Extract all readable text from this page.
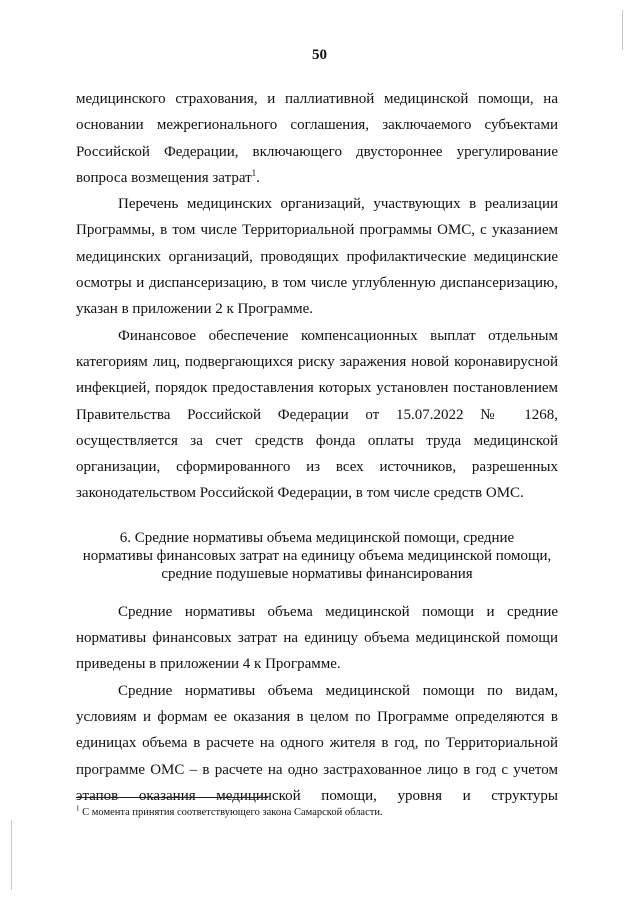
50

медицинского страхования, и паллиативной медицинской помощи, на основании межрегионального соглашения, заключаемого субъектами Российской Федерации, включающего двустороннее урегулирование вопроса возмещения затрат$^1$.

Перечень медицинских организаций, участвующих в реализации Программы, в том числе Территориальной программы ОМС, с указанием медицинских организаций, проводящих профилактические медицинские осмотры и диспансеризацию, в том числе углубленную диспансеризацию, указан в приложении 2 к Программе.

Финансовое обеспечение компенсационных выплат отдельным категориям лиц, подвергающихся риску заражения новой коронавирусной инфекцией, порядок предоставления которых установлен постановлением Правительства Российской Федерации от 15.07.2022 № 1268, осуществляется за счет средств фонда оплаты труда медицинской организации, сформированного из всех источников, разрешенных законодательством Российской Федерации, в том числе средств ОМС.

6. Средние нормативы объема медицинской помощи, средние
нормативы финансовых затрат на единицу объема медицинской помощи,
средние подушевые нормативы финансирования

Средние нормативы объема медицинской помощи и средние нормативы финансовых затрат на единицу объема медицинской помощи приведены в приложении 4 к Программе.

Средние нормативы объема медицинской помощи по видам, условиям и формам ее оказания в целом по Программе определяются в единицах объема в расчете на одного жителя в год, по Территориальной программе ОМС – в расчете на одно застрахованное лицо в год с учетом этапов оказания медицинской помощи, уровня и структуры

$^1$ С момента принятия соответствующего закона Самарской области.
